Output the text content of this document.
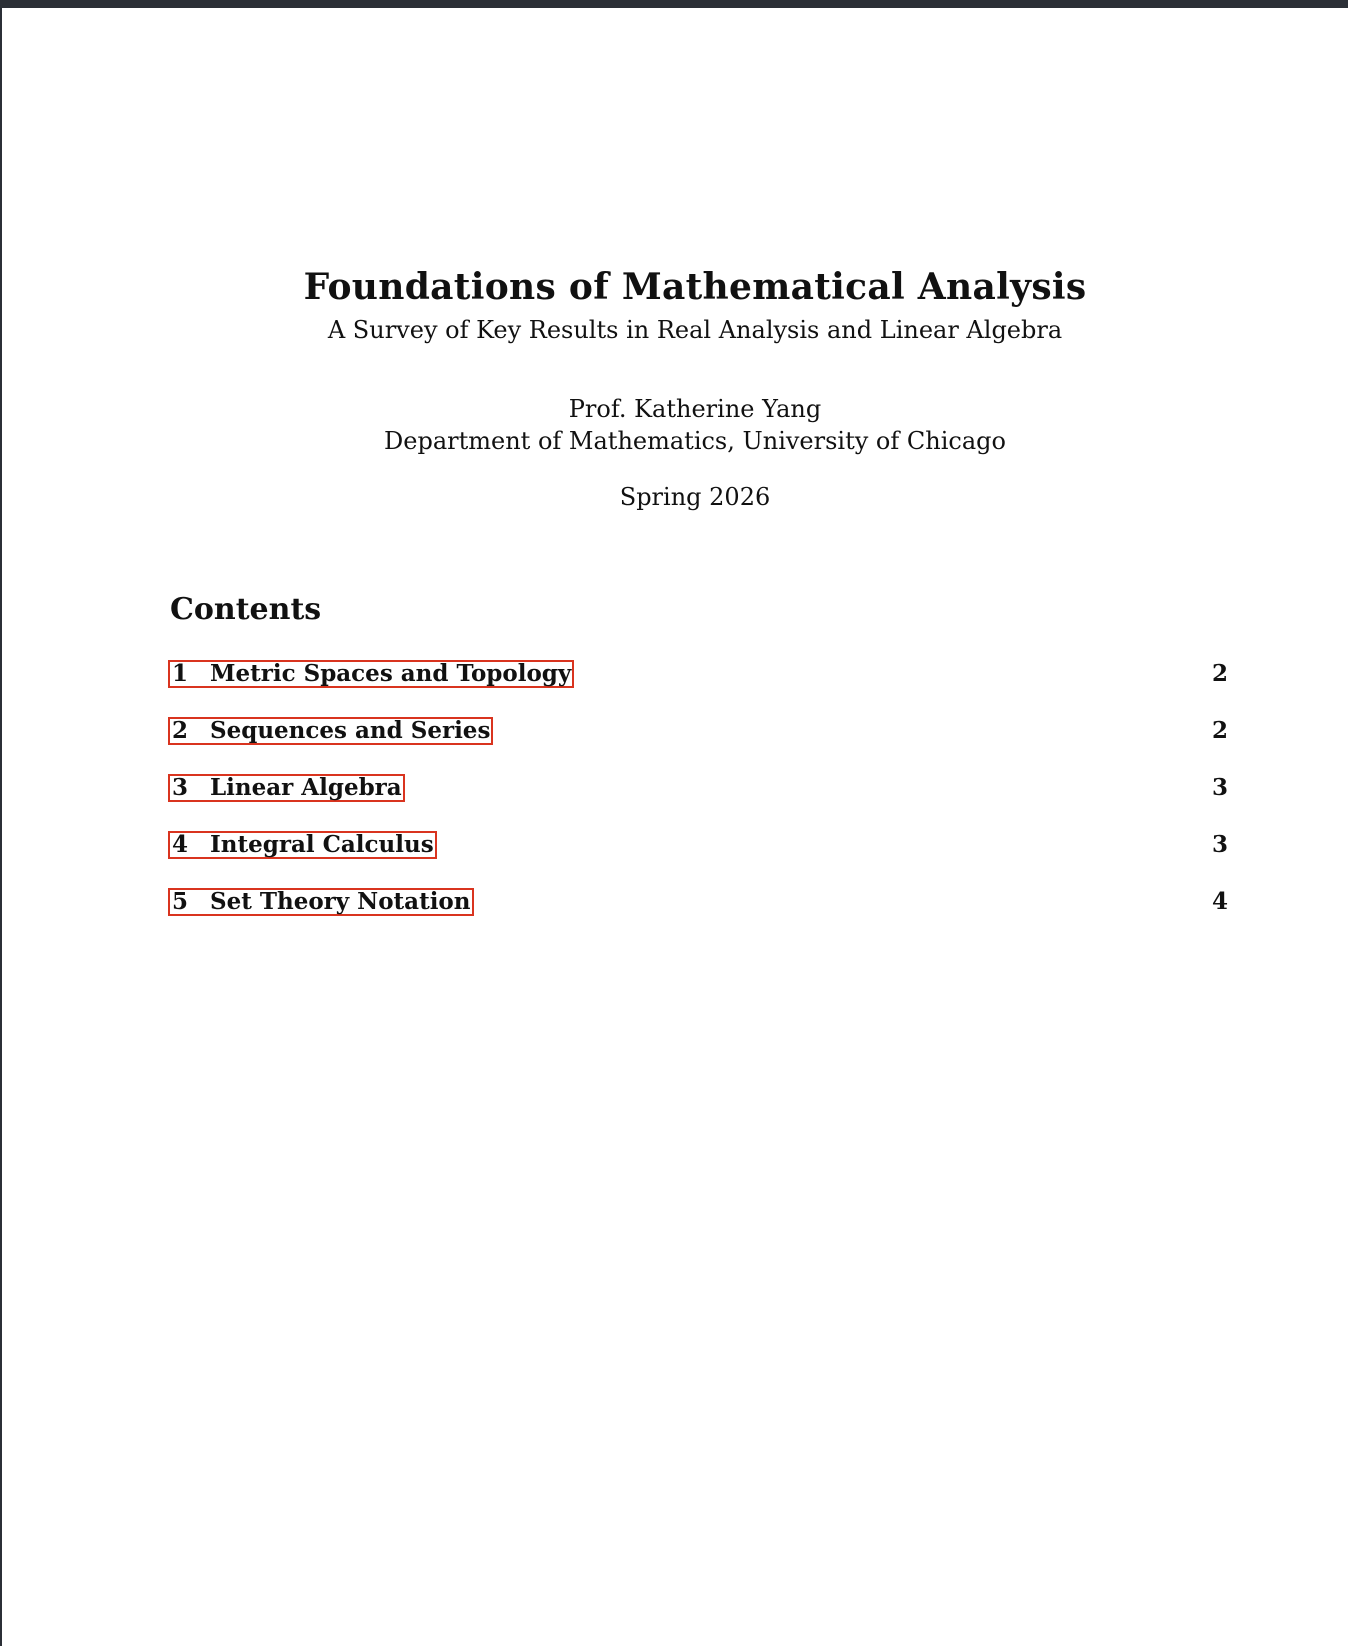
Foundations of Mathematical Analysis
A Survey of Key Results in Real Analysis and Linear Algebra
Prof. Katherine Yang
Department of Mathematics, University of Chicago
Spring 2026
Contents
1 Metric Spaces and Topology	2
2 Sequences and Series	2
3 Linear Algebra	3
4 Integral Calculus	3
5 Set Theory Notation	4
